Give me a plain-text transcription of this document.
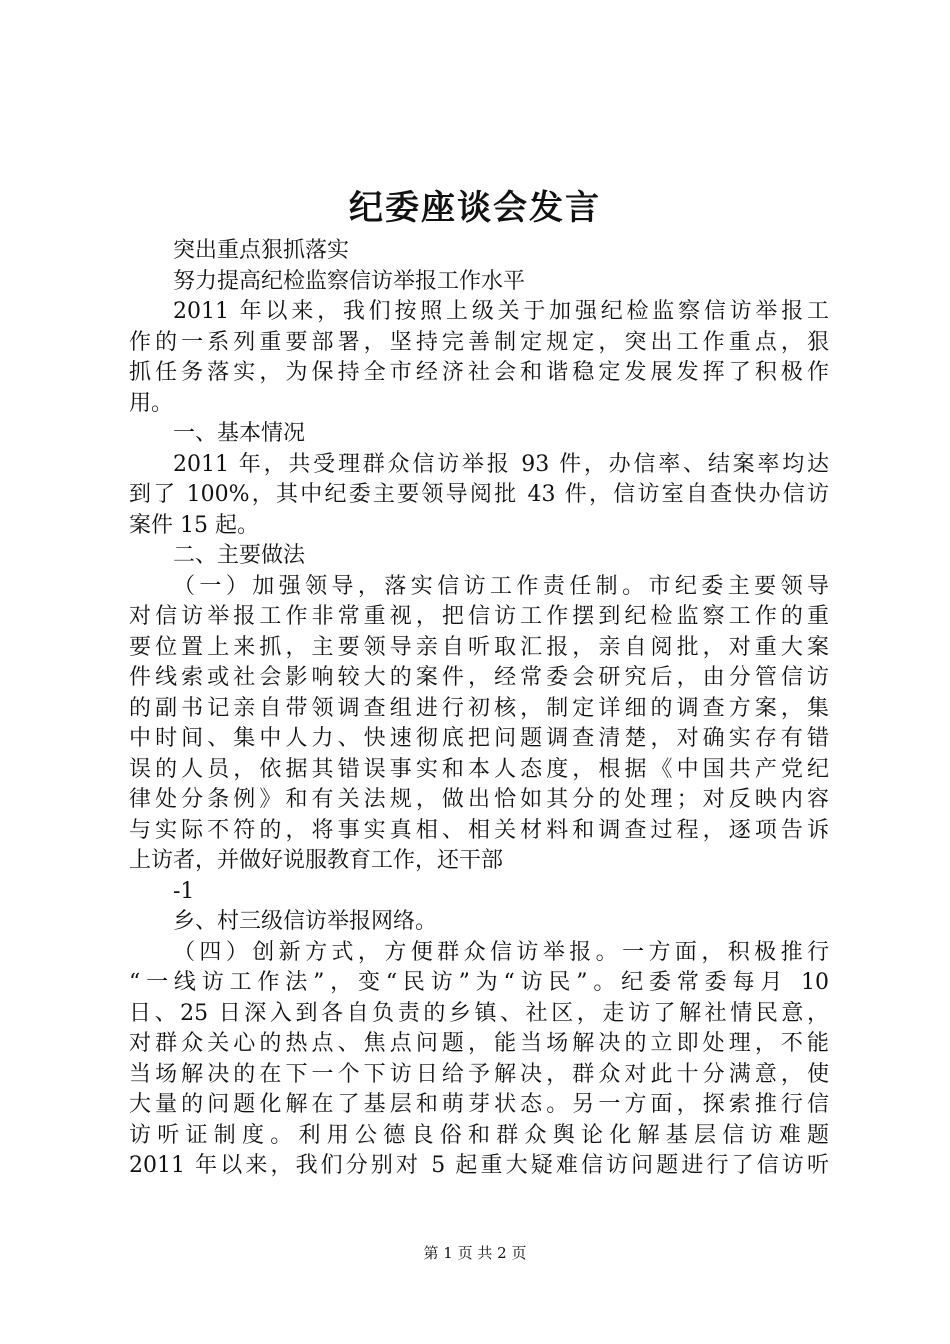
纪委座谈会发言
突出重点狠抓落实
努力提高纪检监察信访举报工作水平
2011 年以来，我们按照上级关于加强纪检监察信访举报工
作的一系列重要部署，坚持完善制定规定，突出工作重点，狠
抓任务落实，为保持全市经济社会和谐稳定发展发挥了积极作
用。
一、基本情况
2011 年，共受理群众信访举报 93 件，办信率、结案率均达
到了 100%，其中纪委主要领导阅批 43 件，信访室自查快办信访
案件 15 起。
二、主要做法
（一）加强领导，落实信访工作责任制。市纪委主要领导
对信访举报工作非常重视，把信访工作摆到纪检监察工作的重
要位置上来抓，主要领导亲自听取汇报，亲自阅批，对重大案
件线索或社会影响较大的案件，经常委会研究后，由分管信访
的副书记亲自带领调查组进行初核，制定详细的调查方案，集
中时间、集中人力、快速彻底把问题调查清楚，对确实存有错
误的人员，依据其错误事实和本人态度，根据《中国共产党纪
律处分条例》和有关法规，做出恰如其分的处理；对反映内容
与实际不符的，将事实真相、相关材料和调查过程，逐项告诉
上访者，并做好说服教育工作，还干部
-1
乡、村三级信访举报网络。
（四）创新方式，方便群众信访举报。一方面，积极推行
“一线访工作法”，变“民访”为“访民”。纪委常委每月 10
日、25 日深入到各自负责的乡镇、社区，走访了解社情民意，
对群众关心的热点、焦点问题，能当场解决的立即处理，不能
当场解决的在下一个下访日给予解决，群众对此十分满意，使
大量的问题化解在了基层和萌芽状态。另一方面，探索推行信
访听证制度。利用公德良俗和群众舆论化解基层信访难题
2011 年以来，我们分别对 5 起重大疑难信访问题进行了信访听
第 1 页 共 2 页
